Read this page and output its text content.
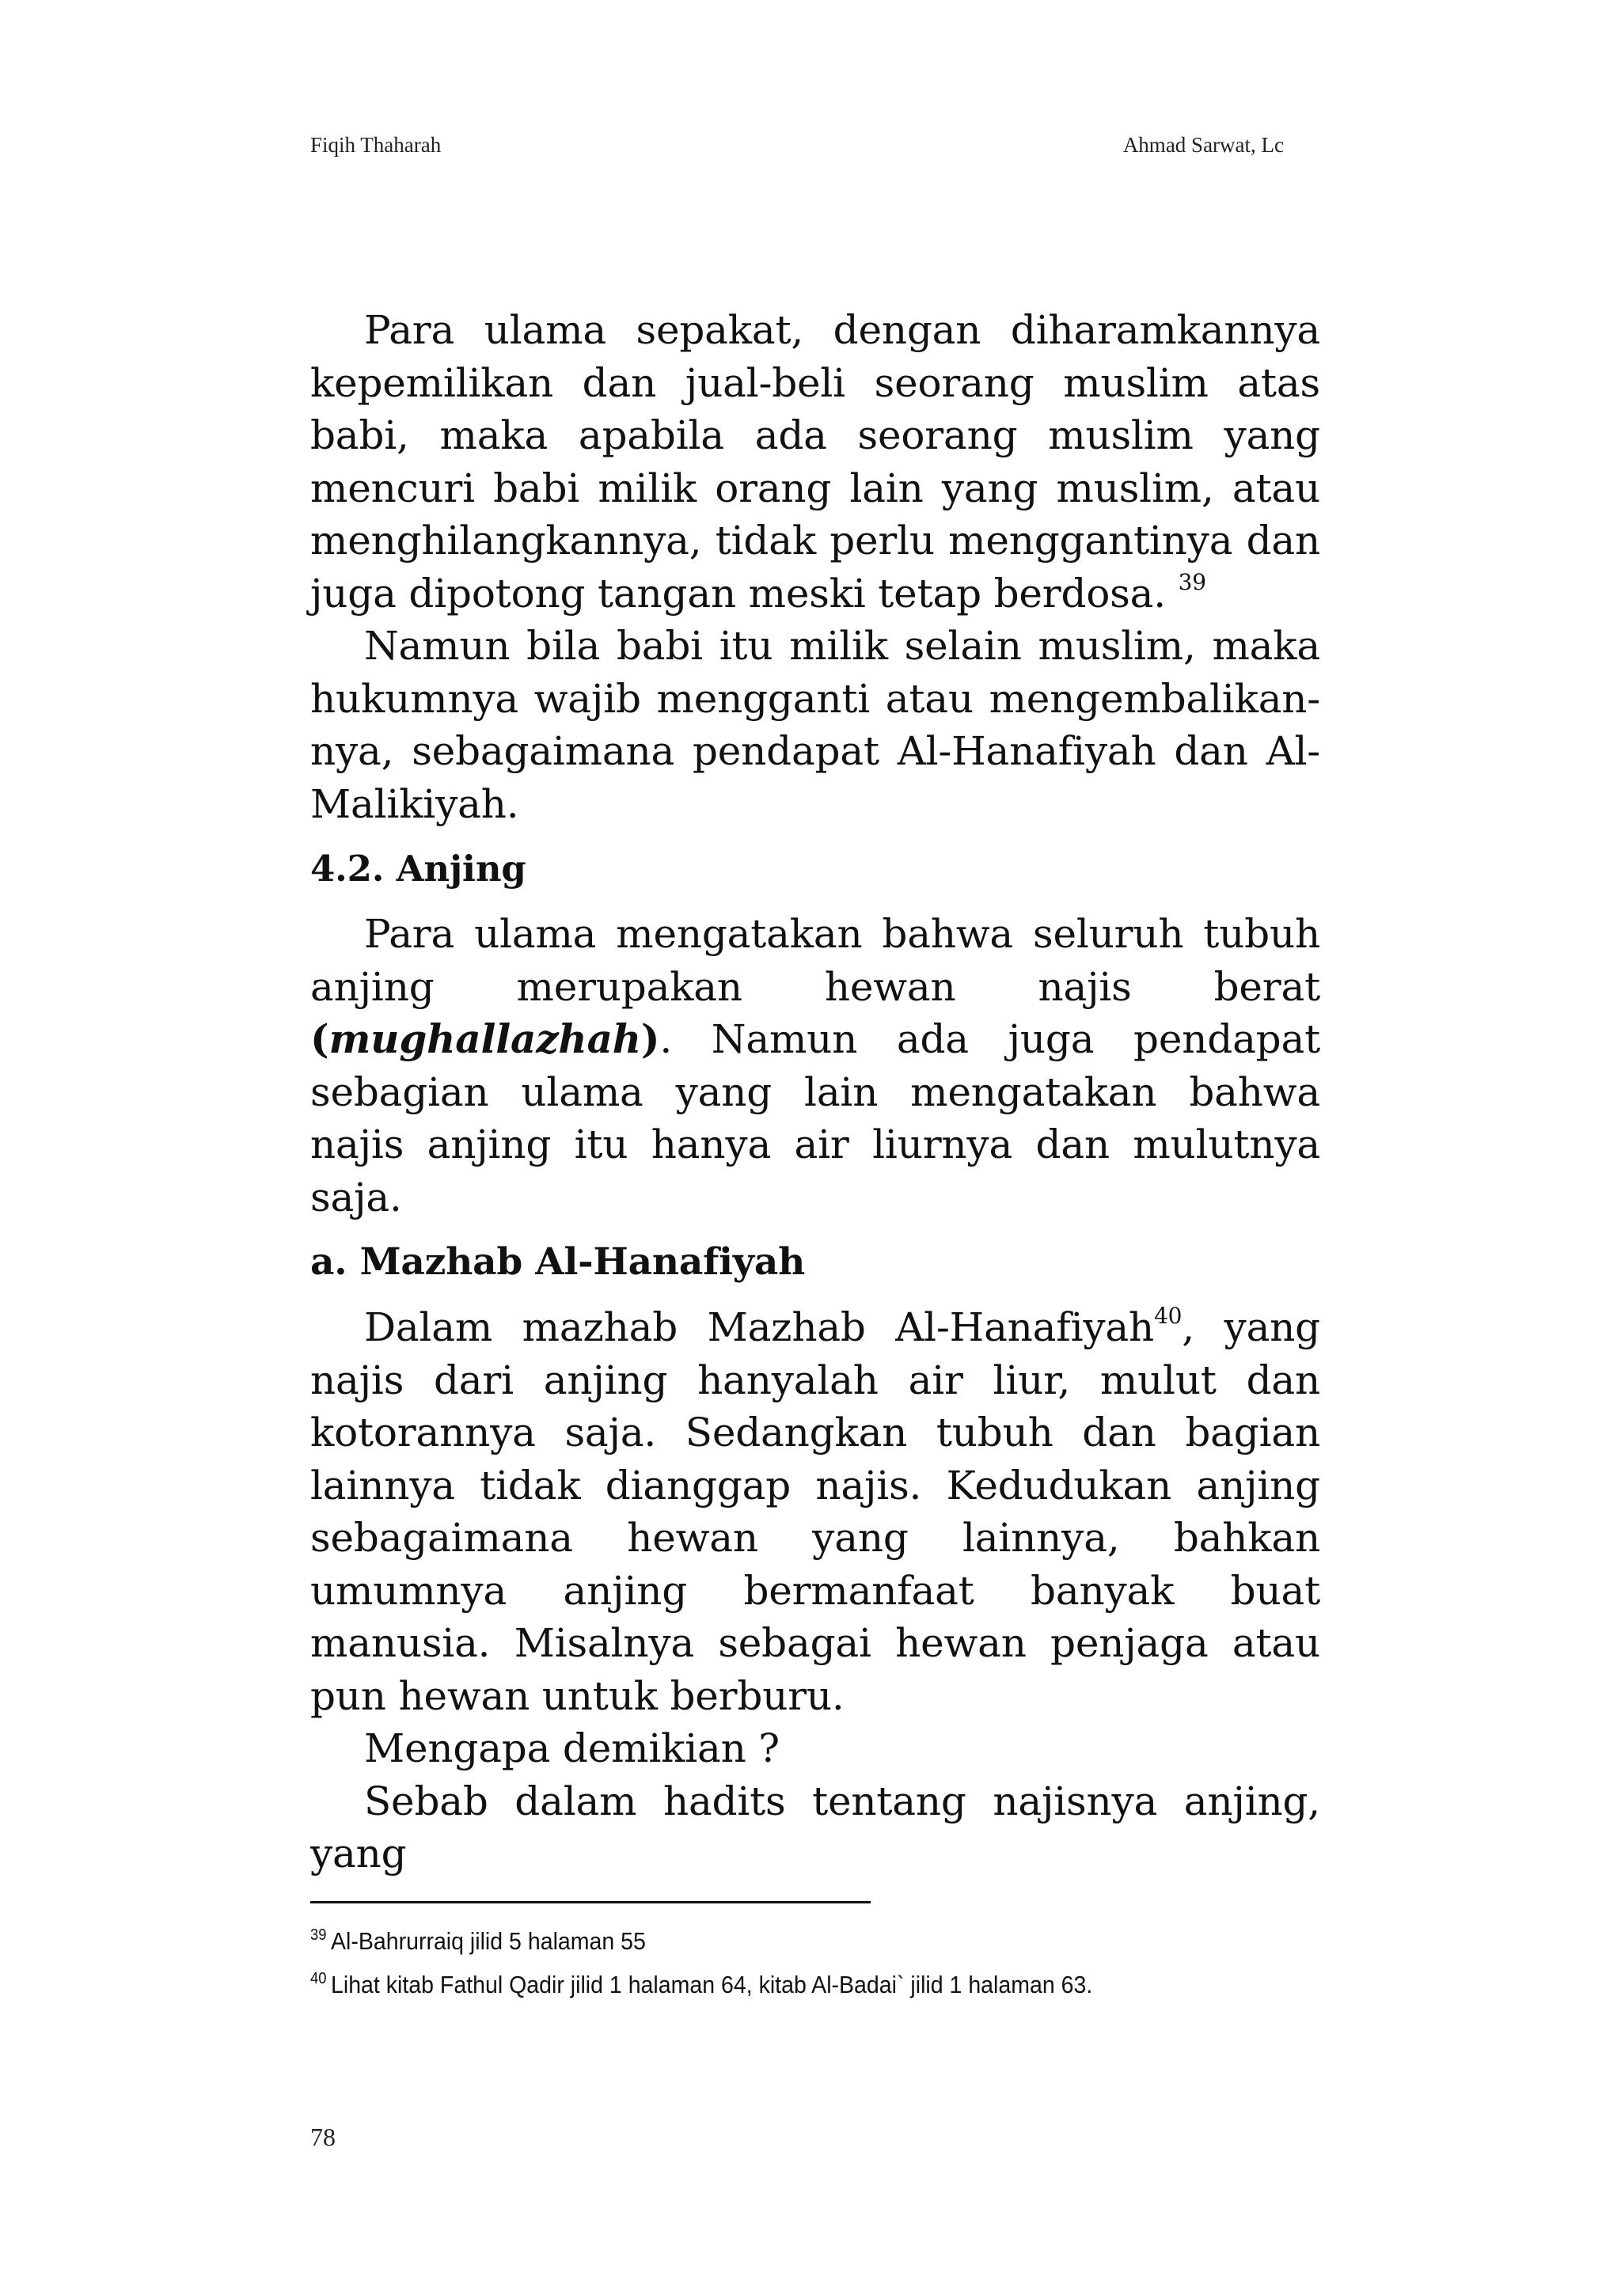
Fiqih Thaharah	Ahmad Sarwat, Lc

Para ulama sepakat, dengan diharamkannya kepemilikan dan jual-beli seorang muslim atas babi, maka apabila ada seorang muslim yang mencuri babi milik orang lain yang muslim, atau menghilangkannya, tidak perlu menggantinya dan juga dipotong tangan meski tetap berdosa. $^{39}$

Namun bila babi itu milik selain muslim, maka hukumnya wajib mengganti atau mengembalikan-nya, sebagaimana pendapat Al-Hanafiyah dan Al-Malikiyah.

4.2. Anjing

Para ulama mengatakan bahwa seluruh tubuh anjing merupakan hewan najis berat (mughallazhah). Namun ada juga pendapat sebagian ulama yang lain mengatakan bahwa najis anjing itu hanya air liurnya dan mulutnya saja.

a. Mazhab Al-Hanafiyah

Dalam mazhab Mazhab Al-Hanafiyah$^{40}$, yang najis dari anjing hanyalah air liur, mulut dan kotorannya saja. Sedangkan tubuh dan bagian lainnya tidak dianggap najis. Kedudukan anjing sebagaimana hewan yang lainnya, bahkan umumnya anjing bermanfaat banyak buat manusia. Misalnya sebagai hewan penjaga atau pun hewan untuk berburu.

Mengapa demikian ?

Sebab dalam hadits tentang najisnya anjing, yang

$^{39}$ Al-Bahrurraiq jilid 5 halaman 55
$^{40}$ Lihat kitab Fathul Qadir jilid 1 halaman 64, kitab Al-Badai` jilid 1 halaman 63.
78
